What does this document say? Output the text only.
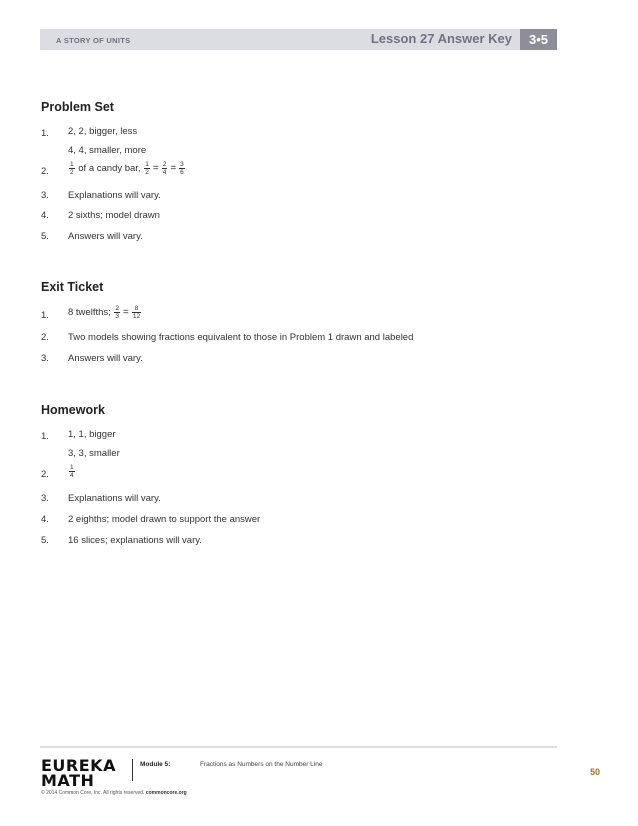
A STORY OF UNITS	Lesson 27 Answer Key	3•5
Problem Set
1. 2, 2, bigger, less
4, 4, smaller, more
2.	$\frac{1}{2}$ of a candy bar, $\frac{1}{2} = \frac{2}{4} = \frac{3}{6}$
3. Explanations will vary.
4. 2 sixths; model drawn
5. Answers will vary.
Exit Ticket
1. 8 twelfths; $\frac{2}{3} = \frac{8}{12}$
2. Two models showing fractions equivalent to those in Problem 1 drawn and labeled
3. Answers will vary.
Homework
1. 1, 1, bigger
3, 3, smaller
2.	$\frac{1}{4}$
3. Explanations will vary.
4. 2 eighths; model drawn to support the answer
5. 16 slices; explanations will vary.
EUREKA
MATH
Module 5:	Fractions as Numbers on the Number Line
50
© 2014 Common Core, Inc. All rights reserved. commoncore.org
